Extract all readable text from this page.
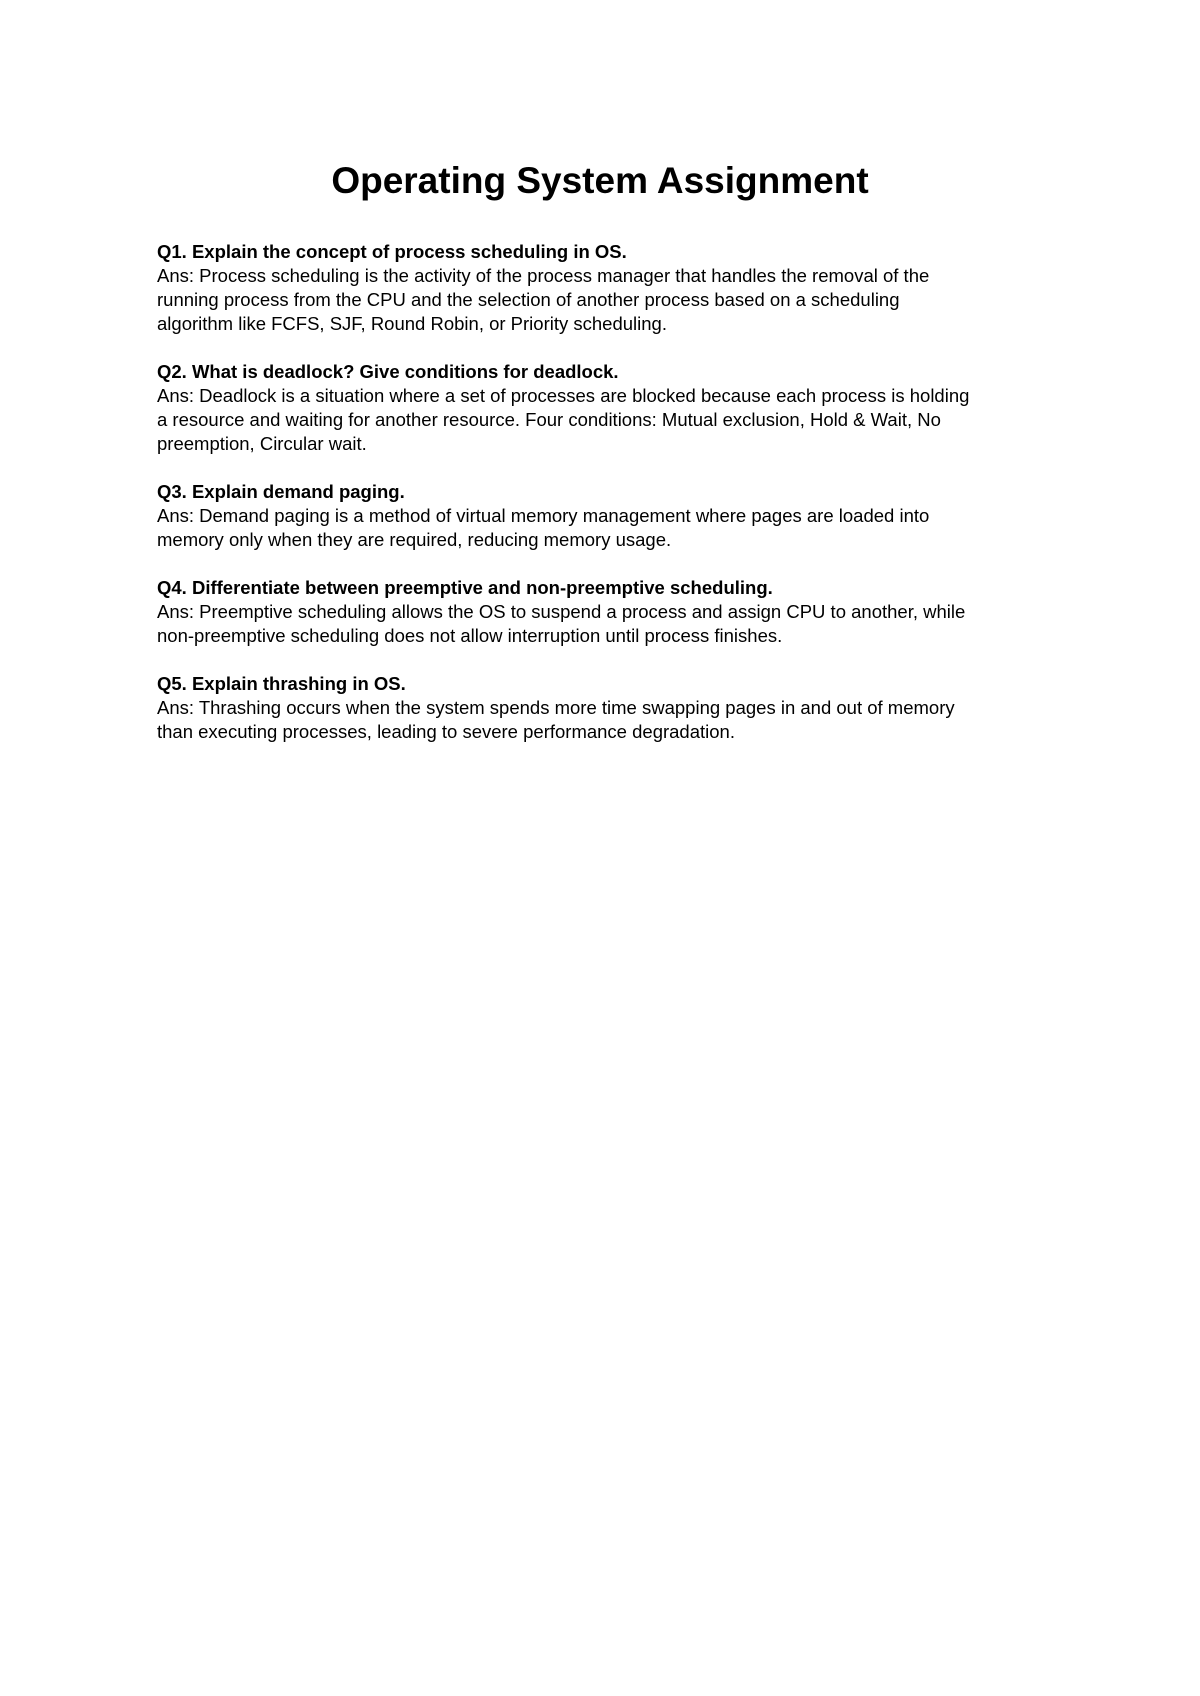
Operating System Assignment

Q1. Explain the concept of process scheduling in OS.

Ans: Process scheduling is the activity of the process manager that handles the removal of the
running process from the CPU and the selection of another process based on a scheduling
algorithm like FCFS, SJF, Round Robin, or Priority scheduling.

Q2. What is deadlock? Give conditions for deadlock.

Ans: Deadlock is a situation where a set of processes are blocked because each process is holding
a resource and waiting for another resource. Four conditions: Mutual exclusion, Hold & Wait, No
preemption, Circular wait.

Q3. Explain demand paging.

Ans: Demand paging is a method of virtual memory management where pages are loaded into
memory only when they are required, reducing memory usage.

Q4. Differentiate between preemptive and non-preemptive scheduling.

Ans: Preemptive scheduling allows the OS to suspend a process and assign CPU to another, while
non-preemptive scheduling does not allow interruption until process finishes.

Q5. Explain thrashing in OS.

Ans: Thrashing occurs when the system spends more time swapping pages in and out of memory
than executing processes, leading to severe performance degradation.
